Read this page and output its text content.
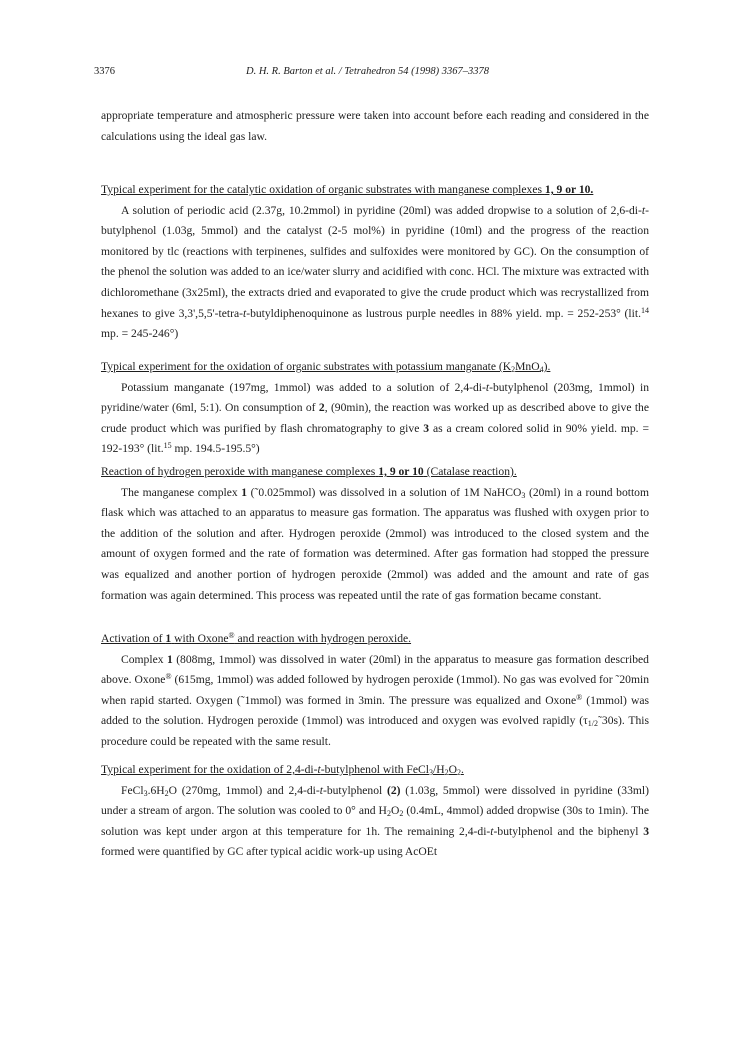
3376	D. H. R. Barton et al. / Tetrahedron 54 (1998) 3367–3378

appropriate temperature and atmospheric pressure were taken into account before each reading and considered in the calculations using the ideal gas law.

Typical experiment for the catalytic oxidation of organic substrates with manganese complexes 1, 9 or 10.

A solution of periodic acid (2.37g, 10.2mmol) in pyridine (20ml) was added dropwise to a solution of 2,6-di-t-butylphenol (1.03g, 5mmol) and the catalyst (2-5 mol%) in pyridine (10ml) and the progress of the reaction monitored by tlc (reactions with terpinenes, sulfides and sulfoxides were monitored by GC). On the consumption of the phenol the solution was added to an ice/water slurry and acidified with conc. HCl. The mixture was extracted with dichloromethane (3x25ml), the extracts dried and evaporated to give the crude product which was recrystallized from hexanes to give 3,3',5,5'-tetra-t-butyldiphenoquinone as lustrous purple needles in 88% yield. mp. = 252-253° (lit.$^{14}$ mp. = 245-246°)

Typical experiment for the oxidation of organic substrates with potassium manganate $(K_2MnO_4)$.

Potassium manganate (197mg, 1mmol) was added to a solution of 2,4-di-t-butylphenol (203mg, 1mmol) in pyridine/water (6ml, 5:1). On consumption of 2, (90min), the reaction was worked up as described above to give the crude product which was purified by flash chromatography to give 3 as a cream colored solid in 90% yield. mp. = 192-193° (lit.$^{15}$ mp. 194.5-195.5°)

Reaction of hydrogen peroxide with manganese complexes 1, 9 or 10 (Catalase reaction).

The manganese complex 1 (˜0.025mmol) was dissolved in a solution of 1M NaHCO$_3$ (20ml) in a round bottom flask which was attached to an apparatus to measure gas formation. The apparatus was flushed with oxygen prior to the addition of the solution and after. Hydrogen peroxide (2mmol) was introduced to the closed system and the amount of oxygen formed and the rate of formation was determined. After gas formation had stopped the pressure was equalized and another portion of hydrogen peroxide (2mmol) was added and the amount and rate of gas formation was again determined. This process was repeated until the rate of gas formation became constant.

Activation of 1 with Oxone® and reaction with hydrogen peroxide.

Complex 1 (808mg, 1mmol) was dissolved in water (20ml) in the apparatus to measure gas formation described above. Oxone® (615mg, 1mmol) was added followed by hydrogen peroxide (1mmol). No gas was evolved for ˜20min when rapid started. Oxygen (˜1mmol) was formed in 3min. The pressure was equalized and Oxone® (1mmol) was added to the solution. Hydrogen peroxide (1mmol) was introduced and oxygen was evolved rapidly $(\tau_{1/2}˜30s)$. This procedure could be repeated with the same result.

Typical experiment for the oxidation of 2,4-di-t-butylphenol with $FeCl_3/H_2O_2$.

$FeCl_3.6H_2O$ (270mg, 1mmol) and 2,4-di-t-butylphenol (2) (1.03g, 5mmol) were dissolved in pyridine (33ml) under a stream of argon. The solution was cooled to 0° and $H_2O_2$ (0.4mL, 4mmol) added dropwise (30s to 1min). The solution was kept under argon at this temperature for 1h. The remaining 2,4-di-t-butylphenol and the biphenyl 3 formed were quantified by GC after typical acidic work-up using AcOEt
